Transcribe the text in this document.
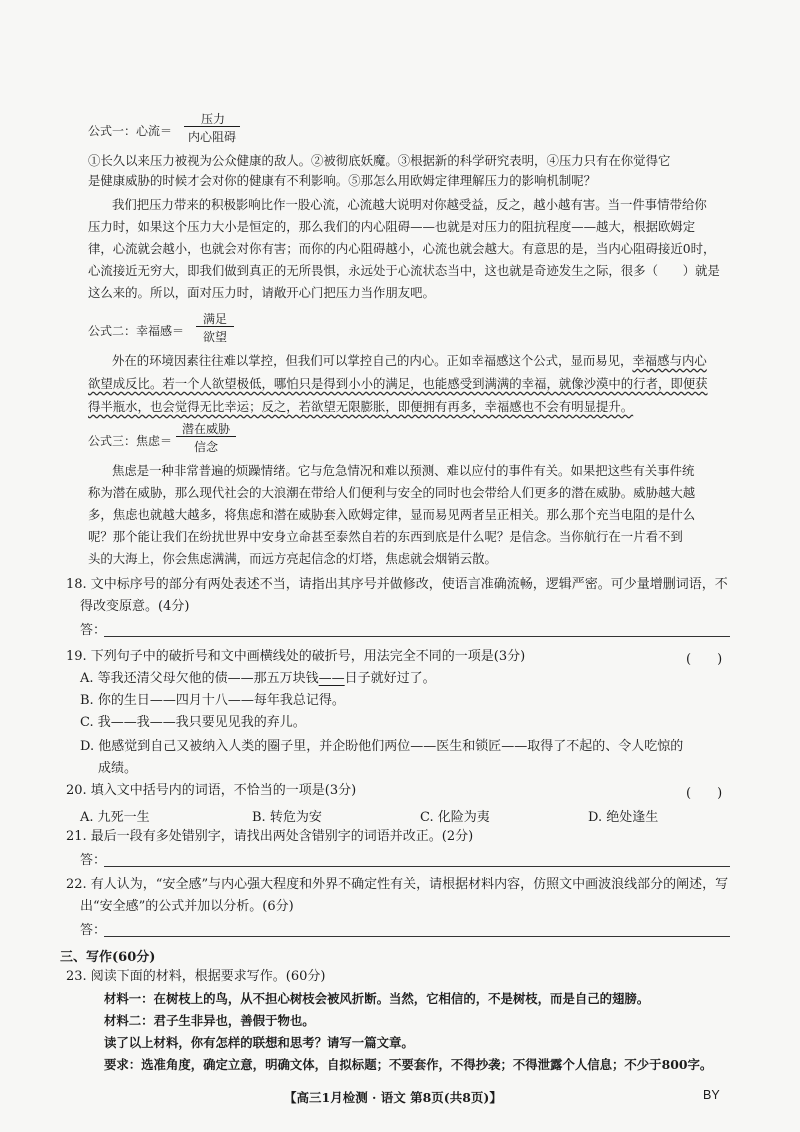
公式一：心流＝
压力
内心阻碍
①长久以来压力被视为公众健康的敌人。②被彻底妖魔。③根据新的科学研究表明，④压力只有在你觉得它
是健康威胁的时候才会对你的健康有不利影响。⑤那怎么用欧姆定律理解压力的影响机制呢？
我们把压力带来的积极影响比作一股心流，心流越大说明对你越受益，反之，越小越有害。当一件事情带给你
压力时，如果这个压力大小是恒定的，那么我们的内心阻碍——也就是对压力的阻抗程度——越大，根据欧姆定
律，心流就会越小，也就会对你有害；而你的内心阻碍越小，心流也就会越大。有意思的是，当内心阻碍接近0时，
心流接近无穷大，即我们做到真正的无所畏惧，永远处于心流状态当中，这也就是奇迹发生之际，很多（　　）就是
这么来的。所以，面对压力时，请敞开心门把压力当作朋友吧。
公式二：幸福感＝
满足
欲望
外在的环境因素往往难以掌控，但我们可以掌控自己的内心。正如幸福感这个公式，显而易见，幸福感与内心
欲望成反比。若一个人欲望极低，哪怕只是得到小小的满足，也能感受到满满的幸福，就像沙漠中的行者，即便获
得半瓶水，也会觉得无比幸运；反之，若欲望无限膨胀，即便拥有再多，幸福感也不会有明显提升。
公式三：焦虑＝
潜在威胁
信念
焦虑是一种非常普遍的烦躁情绪。它与危急情况和难以预测、难以应付的事件有关。如果把这些有关事件统
称为潜在威胁，那么现代社会的大浪潮在带给人们便利与安全的同时也会带给人们更多的潜在威胁。威胁越大越
多，焦虑也就越大越多，将焦虑和潜在威胁套入欧姆定律，显而易见两者呈正相关。那么那个充当电阻的是什么
呢？那个能让我们在纷扰世界中安身立命甚至泰然自若的东西到底是什么呢？是信念。当你航行在一片看不到
头的大海上，你会焦虑满满，而远方亮起信念的灯塔，焦虑就会烟销云散。
18. 文中标序号的部分有两处表述不当，请指出其序号并做修改，使语言准确流畅，逻辑严密。可少量增删词语，不
得改变原意。(4分)
答：
19. 下列句子中的破折号和文中画横线处的破折号，用法完全不同的一项是(3分)	(　　)
A. 等我还清父母欠他的债——那五万块钱——日子就好过了。
B. 你的生日——四月十八——每年我总记得。
C. 我——我——我只要见见我的弃儿。
D. 他感觉到自己又被纳入人类的圈子里，并企盼他们两位——医生和锁匠——取得了不起的、令人吃惊的
成绩。
20. 填入文中括号内的词语，不恰当的一项是(3分)	(　　)
A. 九死一生	B. 转危为安	C. 化险为夷	D. 绝处逢生
21. 最后一段有多处错别字，请找出两处含错别字的词语并改正。(2分)
答：
22. 有人认为，“安全感”与内心强大程度和外界不确定性有关，请根据材料内容，仿照文中画波浪线部分的阐述，写
出“安全感”的公式并加以分析。(6分)
答：
三、写作(60分)
23. 阅读下面的材料，根据要求写作。(60分)
材料一：在树枝上的鸟，从不担心树枝会被风折断。当然，它相信的，不是树枝，而是自己的翅膀。
材料二：君子生非异也，善假于物也。
读了以上材料，你有怎样的联想和思考？请写一篇文章。
要求：选准角度，确定立意，明确文体，自拟标题；不要套作，不得抄袭；不得泄露个人信息；不少于800字。
【高三1月检测 · 语文 第8页(共8页)】	BY
